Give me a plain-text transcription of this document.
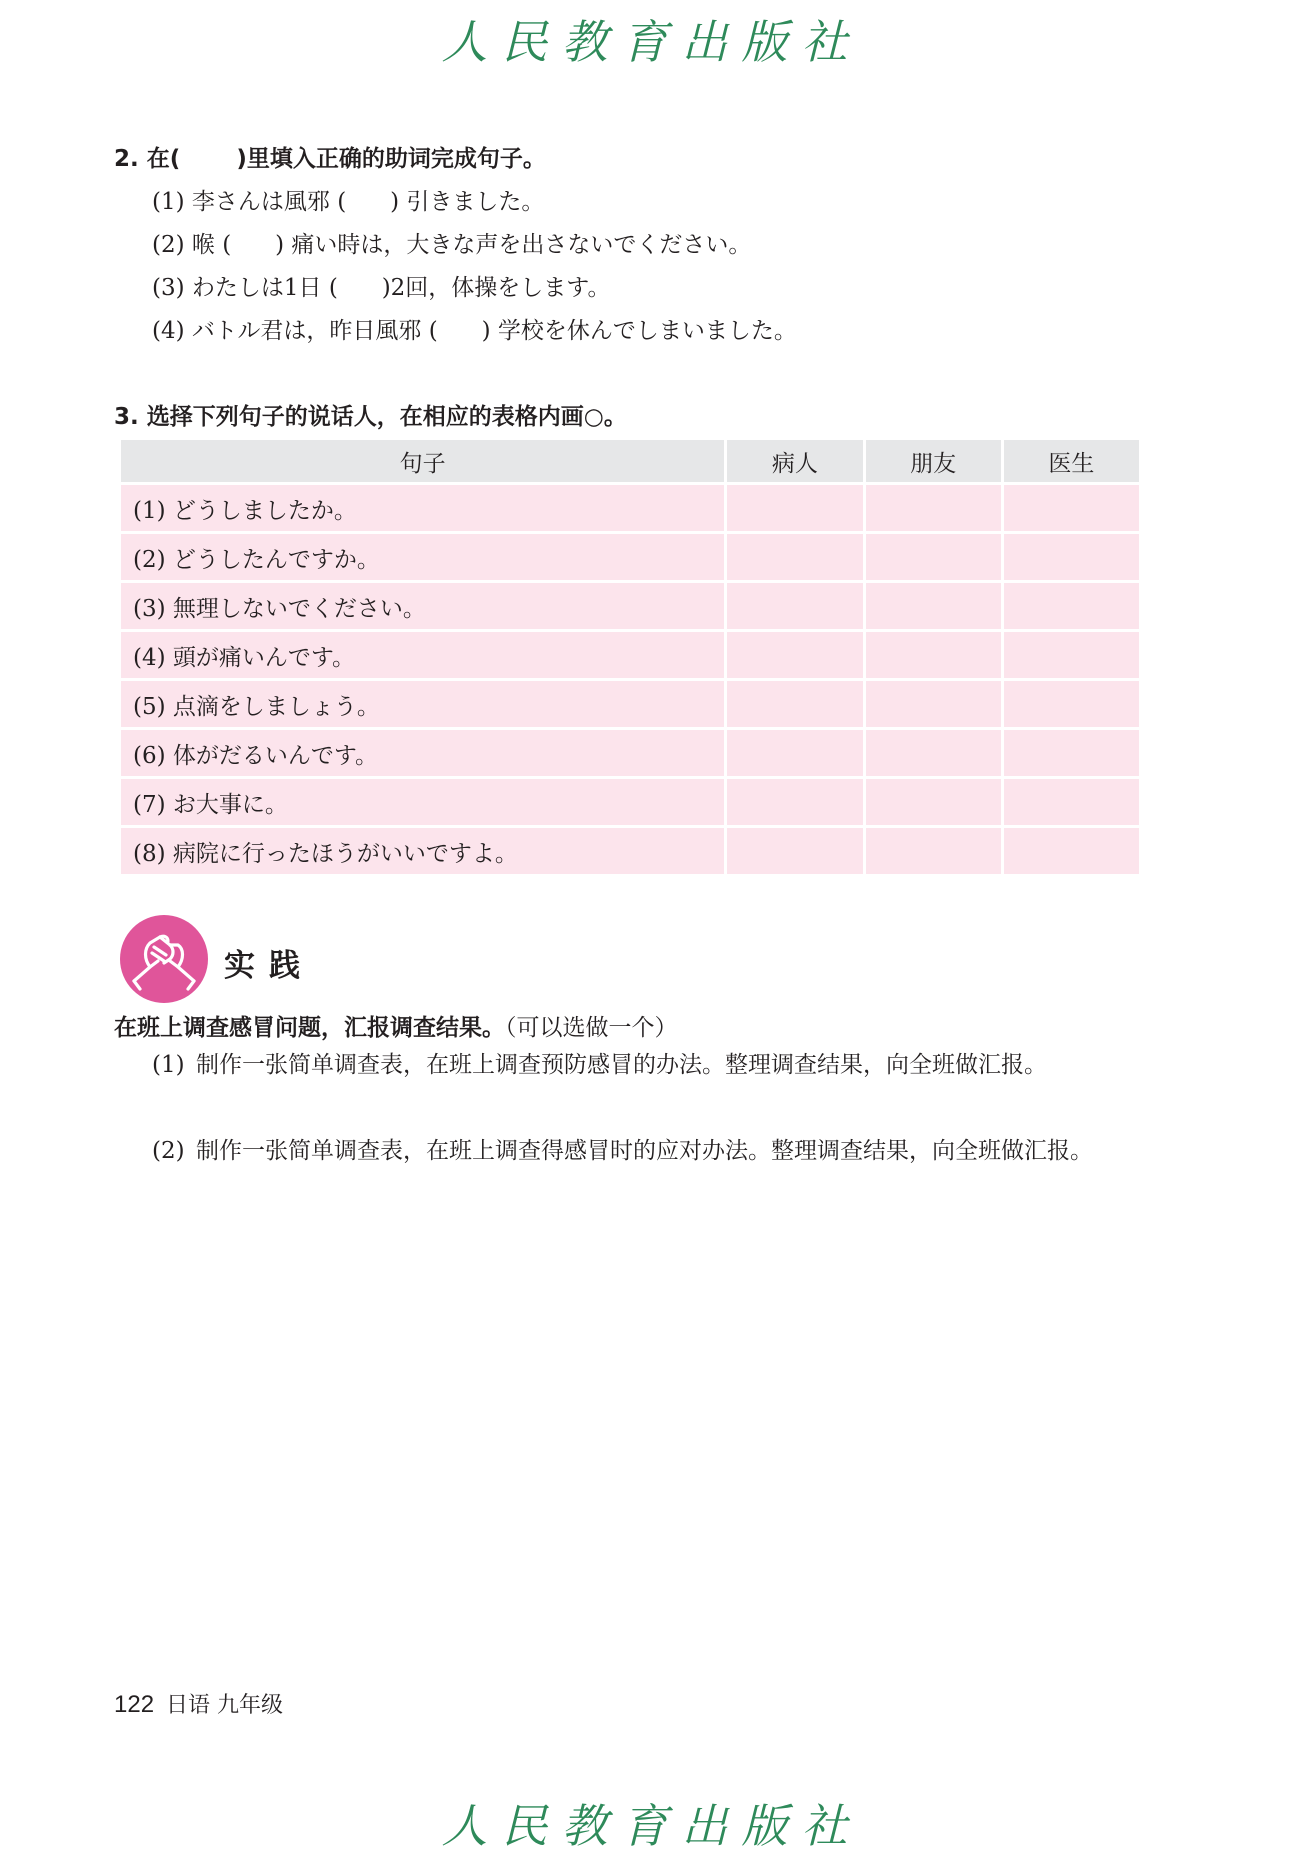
人民教育出版社
2. 在( )里填入正确的助词完成句子。
(1) 李さんは風邪 ( ) 引きました。
(2) 喉 ( ) 痛い時は，大きな声を出さないでください。
(3) わたしは1日 ( )2回，体操をします。
(4) バトル君は，昨日風邪 ( ) 学校を休んでしまいました。
3. 选择下列句子的说话人，在相应的表格内画○。
句子	病人	朋友	医生
(1) どうしましたか。			
(2) どうしたんですか。			
(3) 無理しないでください。			
(4) 頭が痛いんです。			
(5) 点滴をしましょう。			
(6) 体がだるいんです。			
(7) お大事に。			
(8) 病院に行ったほうがいいですよ。			
实践
在班上调查感冒问题，汇报调查结果。（可以选做一个）
(1) 制作一张简单调查表，在班上调查预防感冒的办法。整理调查结果，向全班做汇报。
(2) 制作一张简单调查表，在班上调查得感冒时的应对办法。整理调查结果，向全班做汇报。
122 日语 九年级
人民教育出版社
